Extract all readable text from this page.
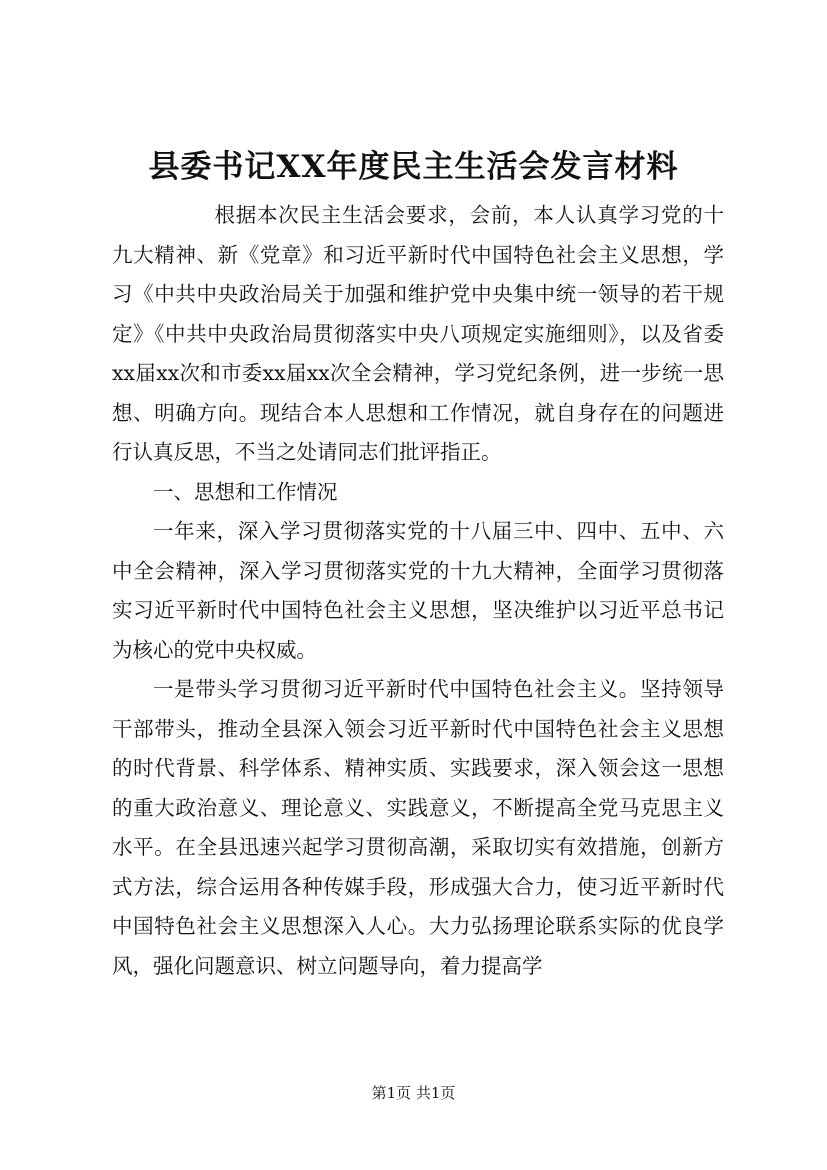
县委书记XX年度民主生活会发言材料

根据本次民主生活会要求，会前，本人认真学习党的十九大精神、新《党章》和习近平新时代中国特色社会主义思想，学习《中共中央政治局关于加强和维护党中央集中统一领导的若干规定》《中共中央政治局贯彻落实中央八项规定实施细则》，以及省委xx届xx次和市委xx届xx次全会精神，学习党纪条例，进一步统一思想、明确方向。现结合本人思想和工作情况，就自身存在的问题进行认真反思，不当之处请同志们批评指正。

一、思想和工作情况

一年来，深入学习贯彻落实党的十八届三中、四中、五中、六中全会精神，深入学习贯彻落实党的十九大精神，全面学习贯彻落实习近平新时代中国特色社会主义思想，坚决维护以习近平总书记为核心的党中央权威。

一是带头学习贯彻习近平新时代中国特色社会主义。坚持领导干部带头，推动全县深入领会习近平新时代中国特色社会主义思想的时代背景、科学体系、精神实质、实践要求，深入领会这一思想的重大政治意义、理论意义、实践意义，不断提高全党马克思主义水平。在全县迅速兴起学习贯彻高潮，采取切实有效措施，创新方式方法，综合运用各种传媒手段，形成强大合力，使习近平新时代中国特色社会主义思想深入人心。大力弘扬理论联系实际的优良学风，强化问题意识、树立问题导向，着力提高学

第1页 共1页
